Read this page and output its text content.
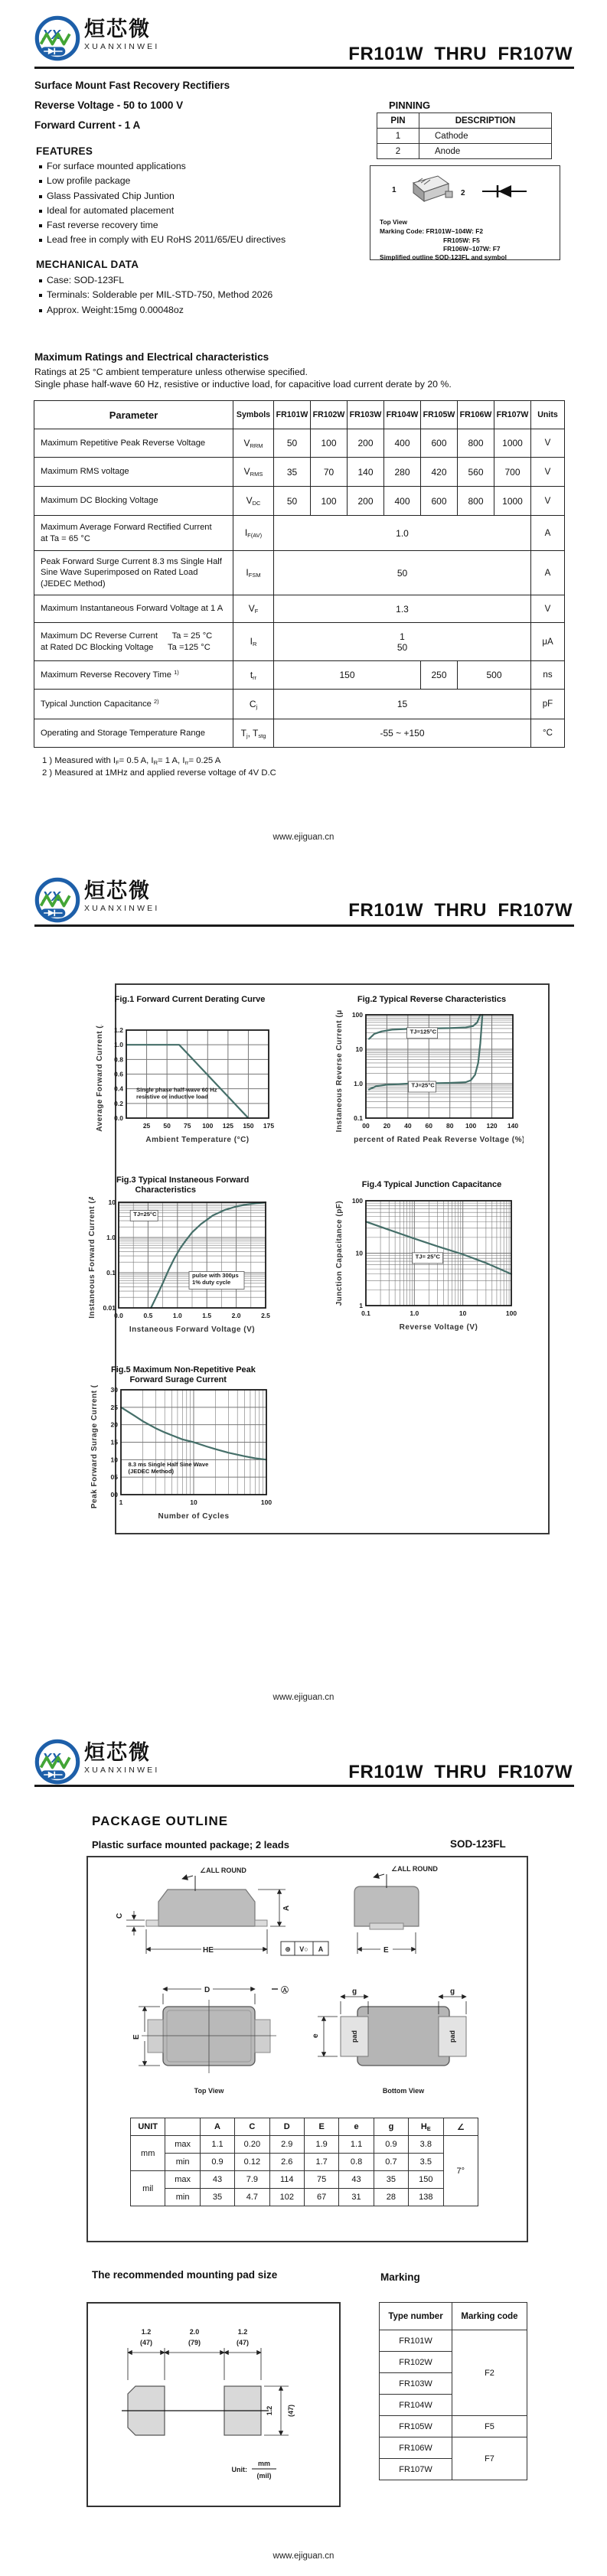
XX 烜芯微
XUANXINWEI	FR101W  THRU  FR107W
Surface Mount Fast Recovery Rectifiers
Reverse Voltage - 50 to 1000 V
Forward Current - 1 A
FEATURES
For surface mounted applications
Low profile package
Glass Passivated Chip Juntion
Ideal for automated placement
Fast reverse recovery time
Lead free in comply with EU RoHS 2011/65/EU directives
MECHANICAL DATA
Case: SOD-123FL
Terminals: Solderable per MIL-STD-750, Method 2026
Approx. Weight:15mg 0.00048oz
PINNING
PIN	DESCRIPTION
1	Cathode
2	Anode
1	2
Top View
Marking Code: FR101W~104W: F2
FR105W: F5
FR106W~107W: F7
Simplified outline SOD-123FL and symbol
Maximum Ratings and Electrical characteristics
Ratings at 25 °C ambient temperature unless otherwise specified.
Single phase half-wave 60 Hz, resistive or inductive load, for capacitive load current derate by 20 %.
Parameter	Symbols	FR101W	FR102W	FR103W	FR104W	FR105W	FR106W	FR107W	Units
Maximum Repetitive Peak Reverse Voltage	$V_{RRM}$	50	100	200	400	600	800	1000	V
Maximum RMS voltage	$V_{RMS}$	35	70	140	280	420	560	700	V
Maximum DC Blocking Voltage	$V_{DC}$	50	100	200	400	600	800	1000	V
Maximum Average Forward Rectified Current
at Ta = 65 °C	$I_{F(AV)}$	1.0							A
Peak Forward Surge Current 8.3 ms Single Half
Sine Wave Superimposed on Rated Load
(JEDEC Method)	$I_{FSM}$	50							A
Maximum Instantaneous Forward Voltage at 1 A	$V_F$	1.3							V
Maximum DC Reverse Current      Ta = 25 °C
at Rated DC Blocking Voltage      Ta =125 °C	$I_R$	1
50							μA
Maximum Reverse Recovery Time $^{1)}$	$t_{rr}$	150				250	500		ns
Typical Junction Capacitance $^{2)}$	$C_j$	15							pF
Operating and Storage Temperature Range	$T_j$, $T_{stg}$	-55 ~ +150							°C
1 ) Measured with $I_F= 0.5$ A, $I_R= 1$ A, $I_{rr}= 0.25$ A
2 ) Measured at 1MHz and applied reverse voltage of 4V D.C
www.ejiguan.cn
XX 烜芯微
XUANXINWEI	FR101W  THRU  FR107W
Fig.1 Forward Current Derating Curve	Fig.2 Typical Reverse Characteristics
Fig.3 Typical Instaneous Forward
Characteristics
Fig.4 Typical Junction Capacitance
Fig.5 Maximum Non-Repetitive Peak
Forward Surage Current
25 50 75 100 125 150 175
0.0
0.2
0.4
0.6
0.8
1.0
1.2
Ambient Temperature (°C)
Average Forward Current (A)	Single phase half-wave 60 Hz
resistive or inductive load
00 20 40 60 80 100 120 140
0.1
1.0
10
100
percent of Rated Peak Reverse Voltage (%)
Instaneous Reverse Current (μA)	TJ=125°C
TJ=25°C
0.0	0.5	1.0	1.5	2.0	2.5
0.01
0.1
1.0
10
Instaneous Forward Voltage (V)
Instaneous Forward Current (A)	TJ=25°C
pulse with 300μs
1% duty cycle
0.1	1.0	10	100
1
10
100
Reverse Voltage (V)
Junction Capacitance (pF)	TJ= 25°C
1	10	100
00
05
10
15
20
25
30
Number of Cycles
Peak Forward Surage Current (A)	8.3 ms Single Half Sine Wave
(JEDEC Method)
www.ejiguan.cn
XX 烜芯微
XUANXINWEI	FR101W  THRU  FR107W
PACKAGE OUTLINE
Plastic surface mounted package; 2 leads	SOD-123FL
∠ALL ROUND
C
A
HE	⊕ V○ A
∠ALL ROUND
E
D	Ⓐ
E
Top View
pad	pad
g	g
e
Bottom View
UNIT		A	C	D	E	e	g	$H_E$	∠
mm	max	1.1	0.20	2.9	1.9	1.1	0.9	3.8	7°
	min	0.9	0.12	2.6	1.7	0.8	0.7	3.5	
mil	max	43	7.9	114	75	43	35	150	
	min	35	4.7	102	67	31	28	138	
The recommended mounting pad size
1.2
(47)
2.0
(79)
1.2
(47)
1.2 (47)
Unit:
mm
(mil)
Marking
Type number	Marking code
FR101W	F2
FR102W	
FR103W	
FR104W	
FR105W	F5
FR106W	F7
FR107W	
www.ejiguan.cn
